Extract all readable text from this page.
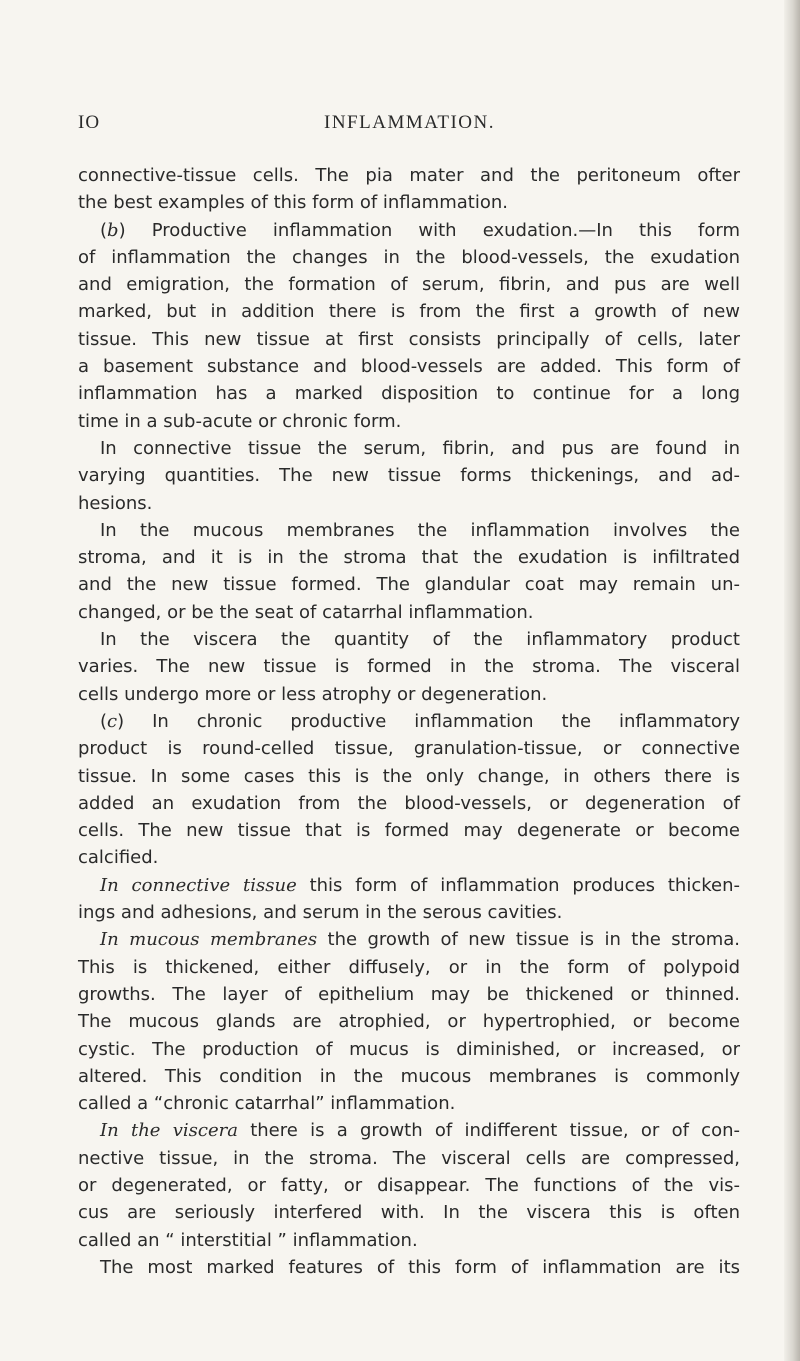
IO	INFLAMMATION.
connective-tissue cells. The pia mater and the peritoneum ofter
the best examples of this form of inflammation.
(b) Productive inflammation with exudation.—In this form
of inflammation the changes in the blood-vessels, the exudation
and emigration, the formation of serum, fibrin, and pus are well
marked, but in addition there is from the first a growth of new
tissue. This new tissue at first consists principally of cells, later
a basement substance and blood-vessels are added. This form of
inflammation has a marked disposition to continue for a long
time in a sub-acute or chronic form.
In connective tissue the serum, fibrin, and pus are found in
varying quantities. The new tissue forms thickenings, and ad-
hesions.
In the mucous membranes the inflammation involves the
stroma, and it is in the stroma that the exudation is infiltrated
and the new tissue formed. The glandular coat may remain un-
changed, or be the seat of catarrhal inflammation.
In the viscera the quantity of the inflammatory product
varies. The new tissue is formed in the stroma. The visceral
cells undergo more or less atrophy or degeneration.
(c) In chronic productive inflammation the inflammatory
product is round-celled tissue, granulation-tissue, or connective
tissue. In some cases this is the only change, in others there is
added an exudation from the blood-vessels, or degeneration of
cells. The new tissue that is formed may degenerate or become
calcified.
In connective tissue this form of inflammation produces thicken-
ings and adhesions, and serum in the serous cavities.
In mucous membranes the growth of new tissue is in the stroma.
This is thickened, either diffusely, or in the form of polypoid
growths. The layer of epithelium may be thickened or thinned.
The mucous glands are atrophied, or hypertrophied, or become
cystic. The production of mucus is diminished, or increased, or
altered. This condition in the mucous membranes is commonly
called a “chronic catarrhal” inflammation.
In the viscera there is a growth of indifferent tissue, or of con-
nective tissue, in the stroma. The visceral cells are compressed,
or degenerated, or fatty, or disappear. The functions of the vis-
cus are seriously interfered with. In the viscera this is often
called an “ interstitial ” inflammation.
The most marked features of this form of inflammation are its
